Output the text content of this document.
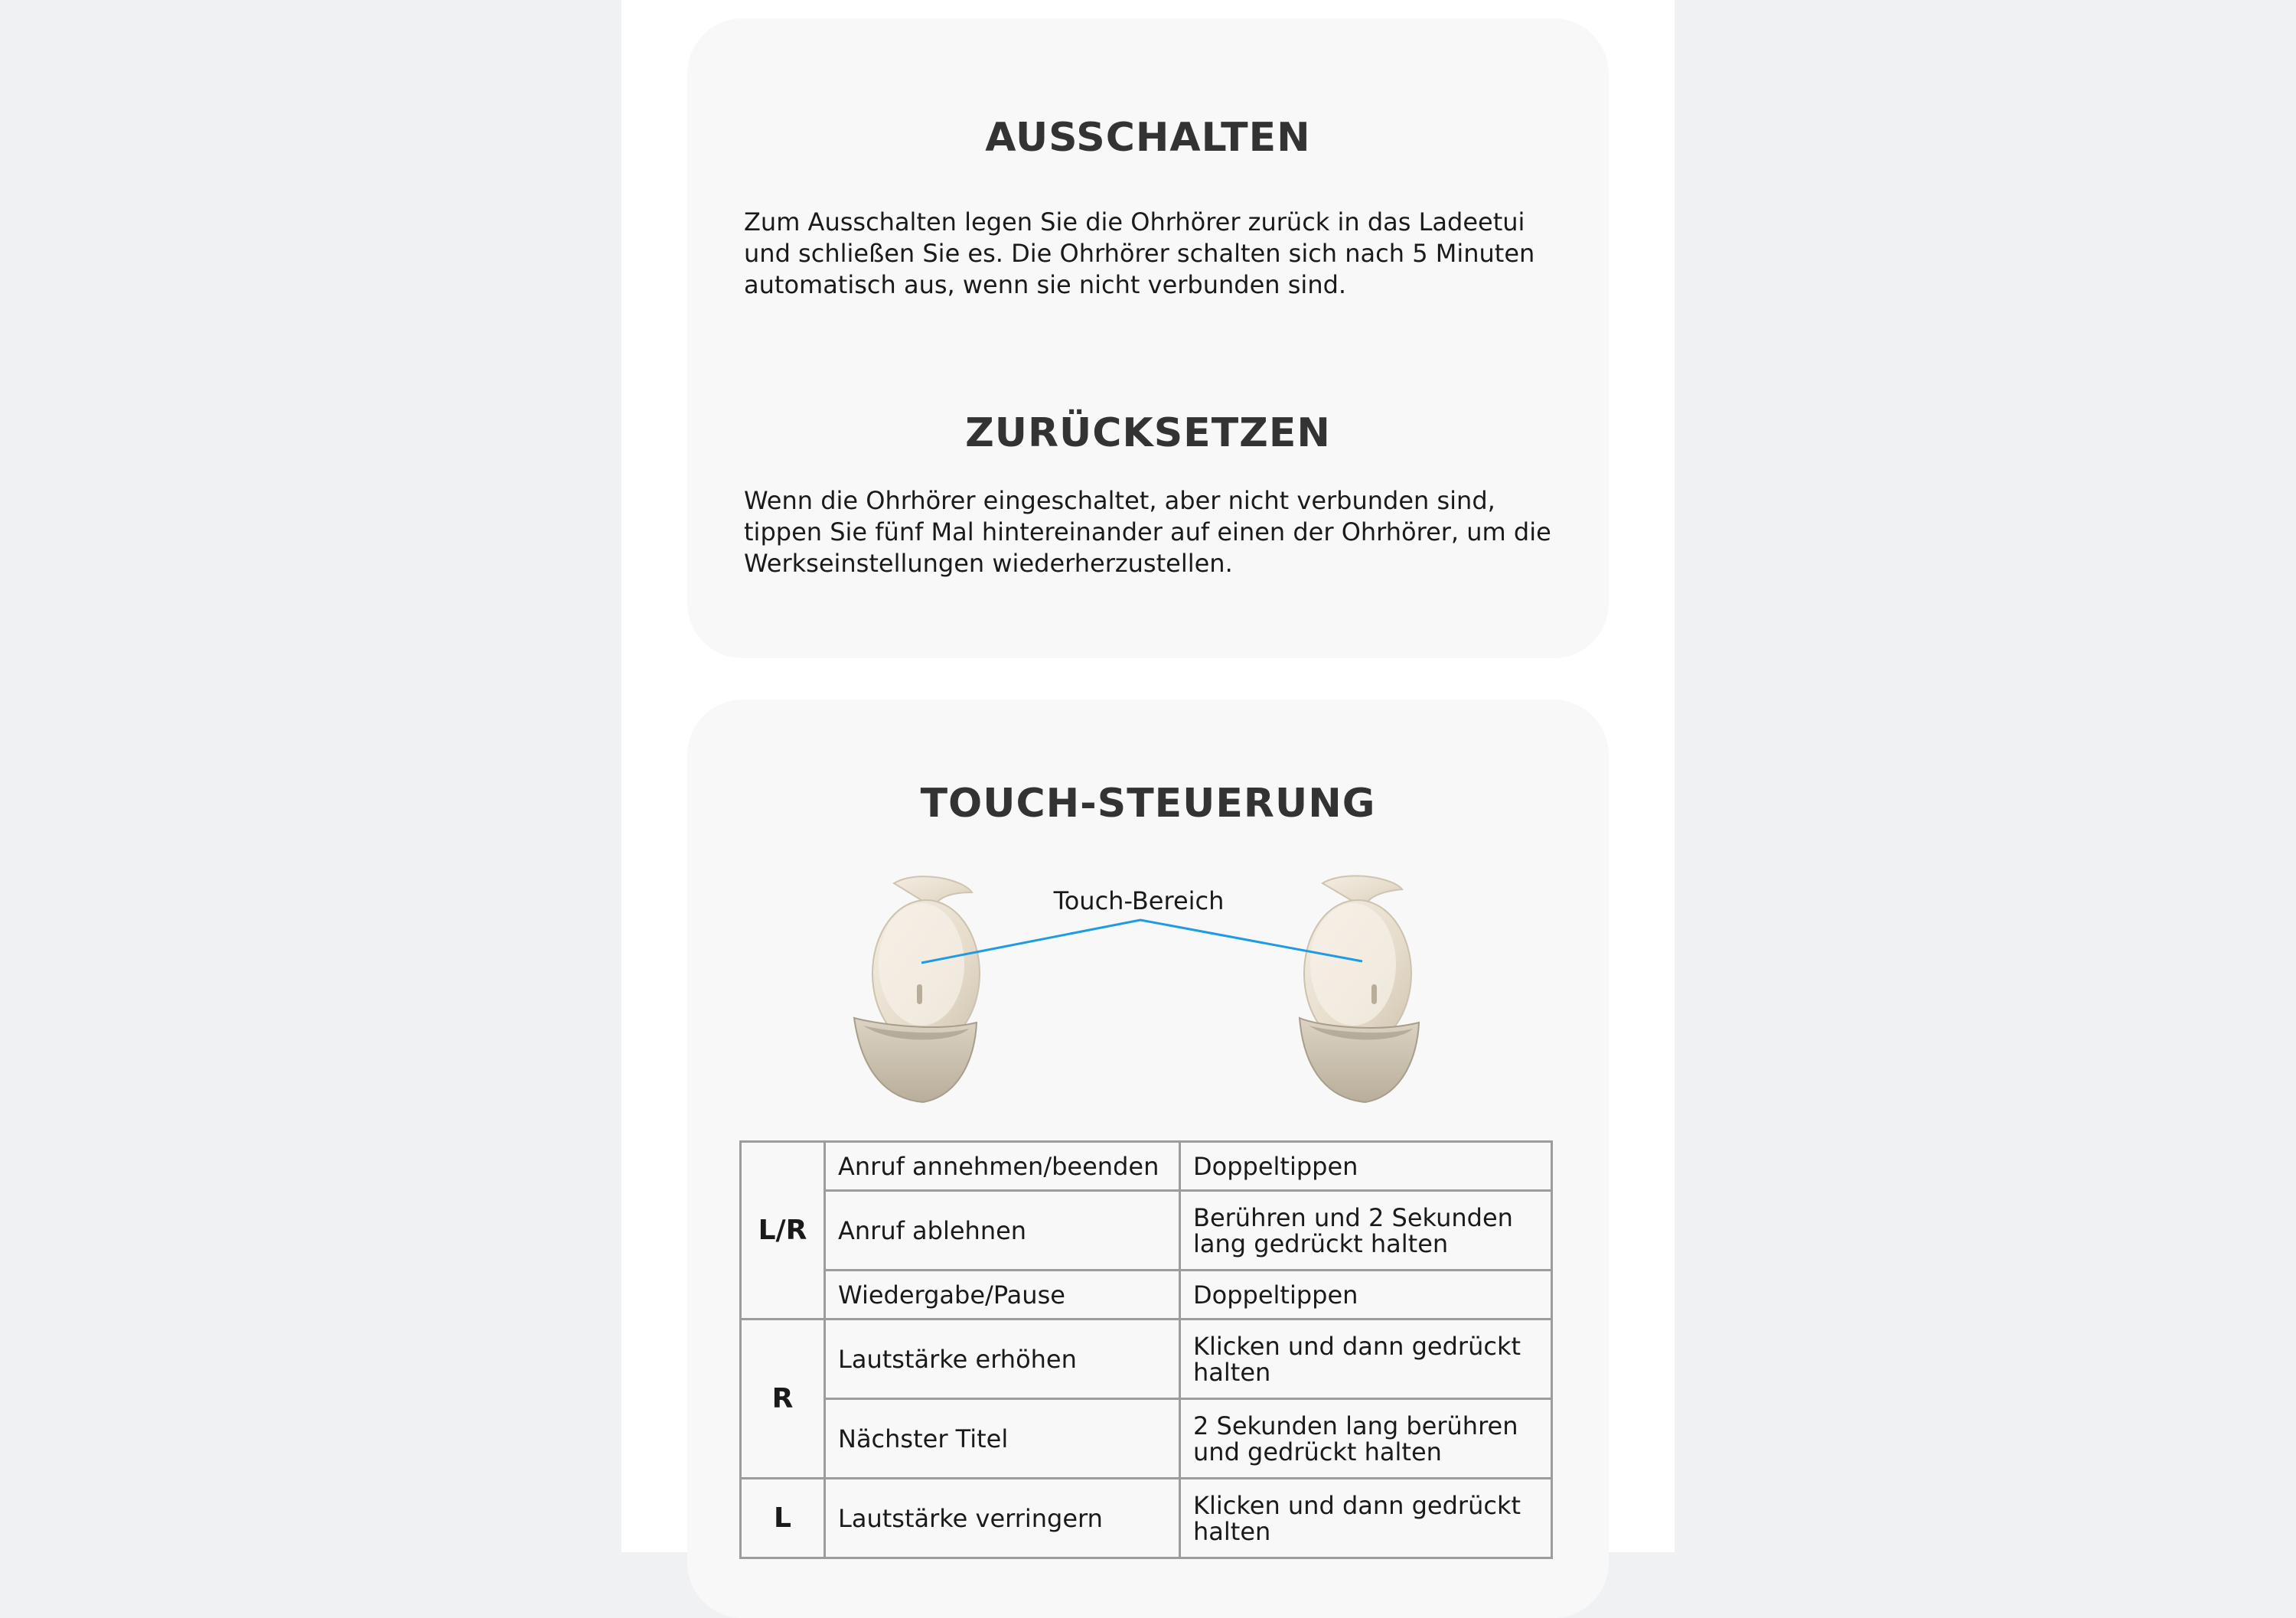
AUSSCHALTEN

Zum Ausschalten legen Sie die Ohrhörer zurück in das Ladeetui und schließen Sie es. Die Ohrhörer schalten sich nach 5 Minuten automatisch aus, wenn sie nicht verbunden sind.

ZURÜCKSETZEN

Wenn die Ohrhörer eingeschaltet, aber nicht verbunden sind, tippen Sie fünf Mal hintereinander auf einen der Ohrhörer, um die Werkseinstellungen wiederherzustellen.

TOUCH-STEUERUNG
Touch-Bereich
L/R	Anruf annehmen/beenden	Doppeltippen
	Anruf ablehnen	Berühren und 2 Sekunden lang gedrückt halten
	Wiedergabe/Pause	Doppeltippen
R	Lautstärke erhöhen	Klicken und dann gedrückt halten
	Nächster Titel	2 Sekunden lang berühren und gedrückt halten
L	Lautstärke verringern	Klicken und dann gedrückt halten
